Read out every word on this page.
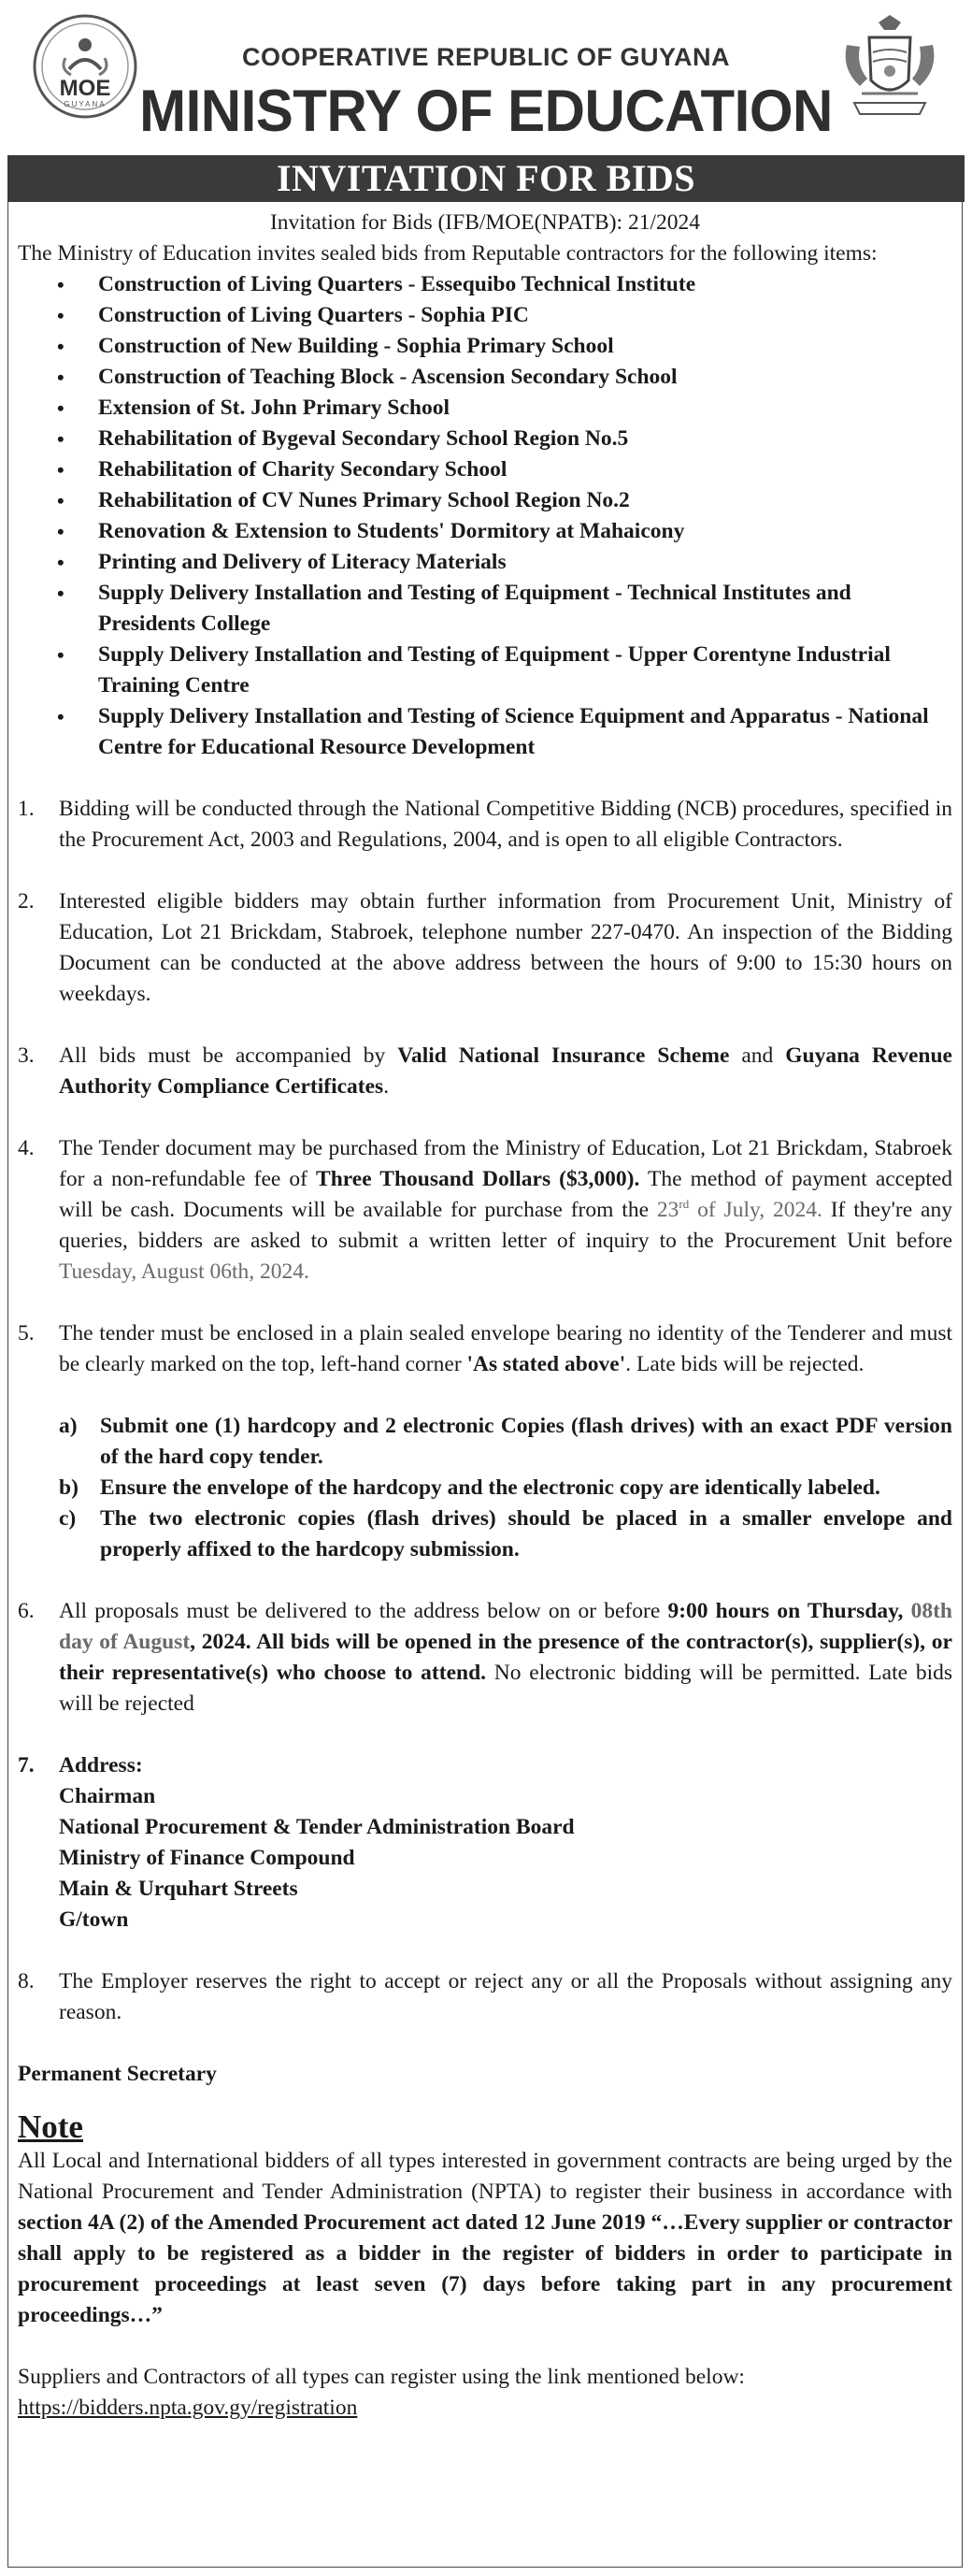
MOE
GUYANA
COOPERATIVE REPUBLIC OF GUYANA
MINISTRY OF EDUCATION
INVITATION FOR BIDS

Invitation for Bids (IFB/MOE(NPATB): 21/2024

The Ministry of Education invites sealed bids from Reputable contractors for the following items:

• Construction of Living Quarters - Essequibo Technical Institute
• Construction of Living Quarters - Sophia PIC
• Construction of New Building - Sophia Primary School
• Construction of Teaching Block - Ascension Secondary School
• Extension of St. John Primary School
• Rehabilitation of Bygeval Secondary School Region No.5
• Rehabilitation of Charity Secondary School
• Rehabilitation of CV Nunes Primary School Region No.2
• Renovation & Extension to Students' Dormitory at Mahaicony
• Printing and Delivery of Literacy Materials
• Supply Delivery Installation and Testing of Equipment - Technical Institutes and Presidents College
• Supply Delivery Installation and Testing of Equipment - Upper Corentyne Industrial Training Centre
• Supply Delivery Installation and Testing of Science Equipment and Apparatus - National Centre for Educational Resource Development
1. Bidding will be conducted through the National Competitive Bidding (NCB) procedures, specified in the Procurement Act, 2003 and Regulations, 2004, and is open to all eligible Contractors.
2. Interested eligible bidders may obtain further information from Procurement Unit, Ministry of Education, Lot 21 Brickdam, Stabroek, telephone number 227-0470. An inspection of the Bidding Document can be conducted at the above address between the hours of 9:00 to 15:30 hours on weekdays.
3. All bids must be accompanied by Valid National Insurance Scheme and Guyana Revenue Authority Compliance Certificates.
4. The Tender document may be purchased from the Ministry of Education, Lot 21 Brickdam, Stabroek for a non-refundable fee of Three Thousand Dollars ($3,000). The method of payment accepted will be cash. Documents will be available for purchase from the 23rd of July, 2024. If they're any queries, bidders are asked to submit a written letter of inquiry to the Procurement Unit before Tuesday, August 06th, 2024.
5. The tender must be enclosed in a plain sealed envelope bearing no identity of the Tenderer and must be clearly marked on the top, left-hand corner 'As stated above'. Late bids will be rejected.
a) Submit one (1) hardcopy and 2 electronic Copies (flash drives) with an exact PDF version of the hard copy tender.
b) Ensure the envelope of the hardcopy and the electronic copy are identically labeled.
c) The two electronic copies (flash drives) should be placed in a smaller envelope and properly affixed to the hardcopy submission.
6. All proposals must be delivered to the address below on or before 9:00 hours on Thursday, 08th day of August, 2024. All bids will be opened in the presence of the contractor(s), supplier(s), or their representative(s) who choose to attend. No electronic bidding will be permitted. Late bids will be rejected
7. Address:
Chairman
National Procurement & Tender Administration Board
Ministry of Finance Compound
Main & Urquhart Streets
G/town
8. The Employer reserves the right to accept or reject any or all the Proposals without assigning any reason.

Permanent Secretary

Note

All Local and International bidders of all types interested in government contracts are being urged by the National Procurement and Tender Administration (NPTA) to register their business in accordance with section 4A (2) of the Amended Procurement act dated 12 June 2019 “…Every supplier or contractor shall apply to be registered as a bidder in the register of bidders in order to participate in procurement proceedings at least seven (7) days before taking part in any procurement proceedings…”

Suppliers and Contractors of all types can register using the link mentioned below:

https://bidders.npta.gov.gy/registration
